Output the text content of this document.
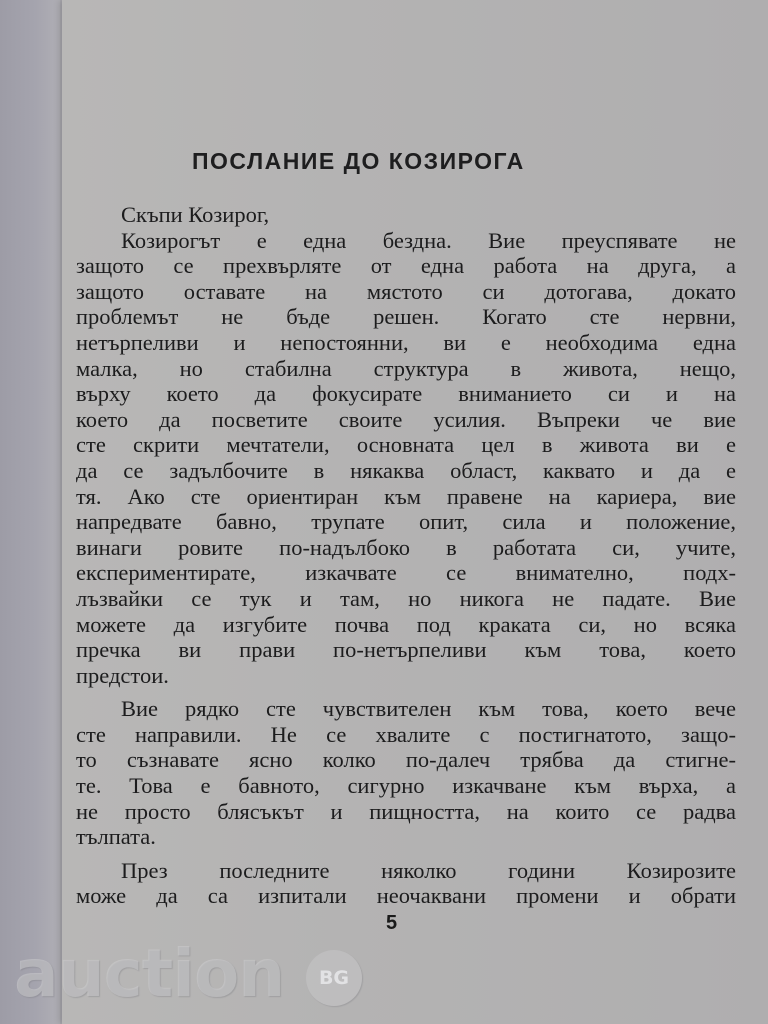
ПОСЛАНИЕ ДО КОЗИРОГА
Скъпи Козирог,
Козирогът е една бездна. Вие преуспявате не
защото се прехвърляте от една работа на друга, а
защото оставате на мястото си дотогава, докато
проблемът не бъде решен. Когато сте нервни,
нетърпеливи и непостоянни, ви е необходима една
малка, но стабилна структура в живота, нещо,
върху което да фокусирате вниманието си и на
което да посветите своите усилия. Въпреки че вие
сте скрити мечтатели, основната цел в живота ви е
да се задълбочите в някаква област, каквато и да е
тя. Ако сте ориентиран към правене на кариера, вие
напредвате бавно, трупате опит, сила и положение,
винаги ровите по-надълбоко в работата си, учите,
експериментирате, изкачвате се внимателно, подх-
лъзвайки се тук и там, но никога не падате. Вие
можете да изгубите почва под краката си, но всяка
пречка ви прави по-нетърпеливи към това, което
предстои.
Вие рядко сте чувствителен към това, което вече
сте направили. Не се хвалите с постигнатото, защо-
то съзнавате ясно колко по-далеч трябва да стигне-
те. Това е бавното, сигурно изкачване към върха, а
не просто блясъкът и пищността, на които се радва
тълпата.
През последните няколко години Козирозите
може да са изпитали неочаквани промени и обрати
5
auction	BG
